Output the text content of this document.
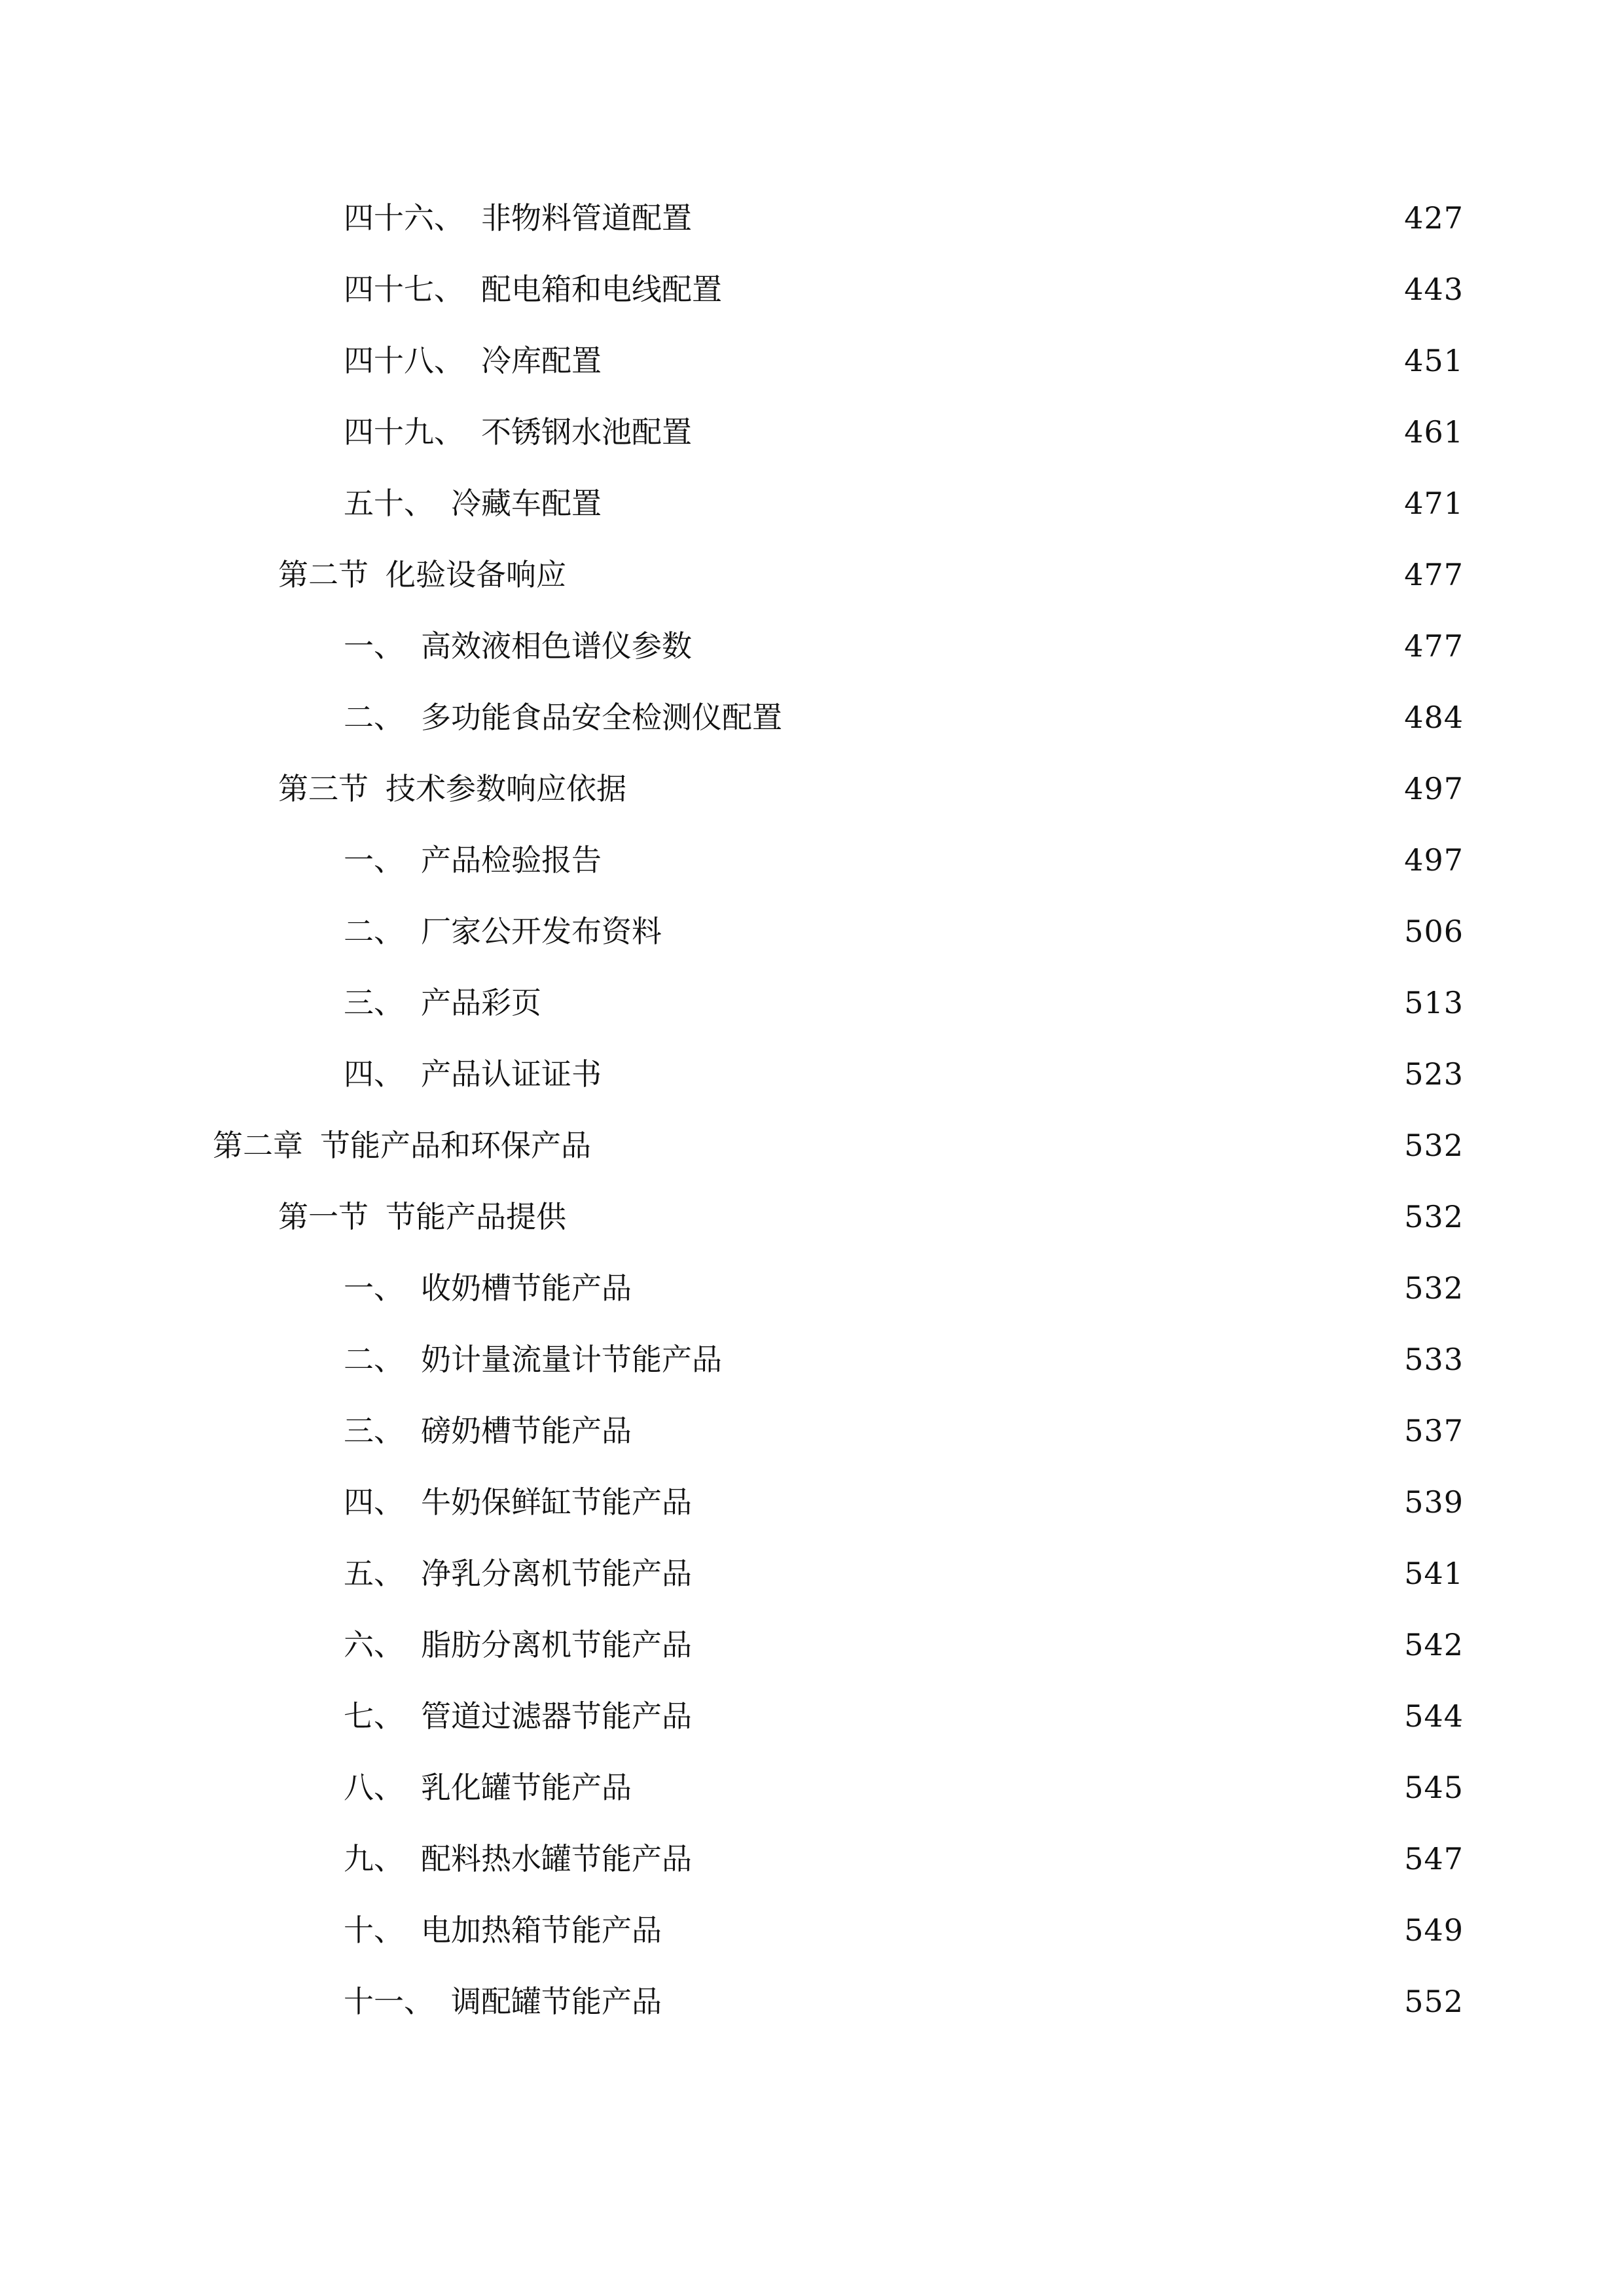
四十六、 非物料管道配置	427
四十七、 配电箱和电线配置	443
四十八、 冷库配置	451
四十九、 不锈钢水池配置	461
五十、 冷藏车配置	471
第二节 化验设备响应	477
一、 高效液相色谱仪参数	477
二、 多功能食品安全检测仪配置	484
第三节 技术参数响应依据	497
一、 产品检验报告	497
二、 厂家公开发布资料	506
三、 产品彩页	513
四、 产品认证证书	523
第二章 节能产品和环保产品	532
第一节 节能产品提供	532
一、 收奶槽节能产品	532
二、 奶计量流量计节能产品	533
三、 磅奶槽节能产品	537
四、 牛奶保鲜缸节能产品	539
五、 净乳分离机节能产品	541
六、 脂肪分离机节能产品	542
七、 管道过滤器节能产品	544
八、 乳化罐节能产品	545
九、 配料热水罐节能产品	547
十、 电加热箱节能产品	549
十一、 调配罐节能产品	552
